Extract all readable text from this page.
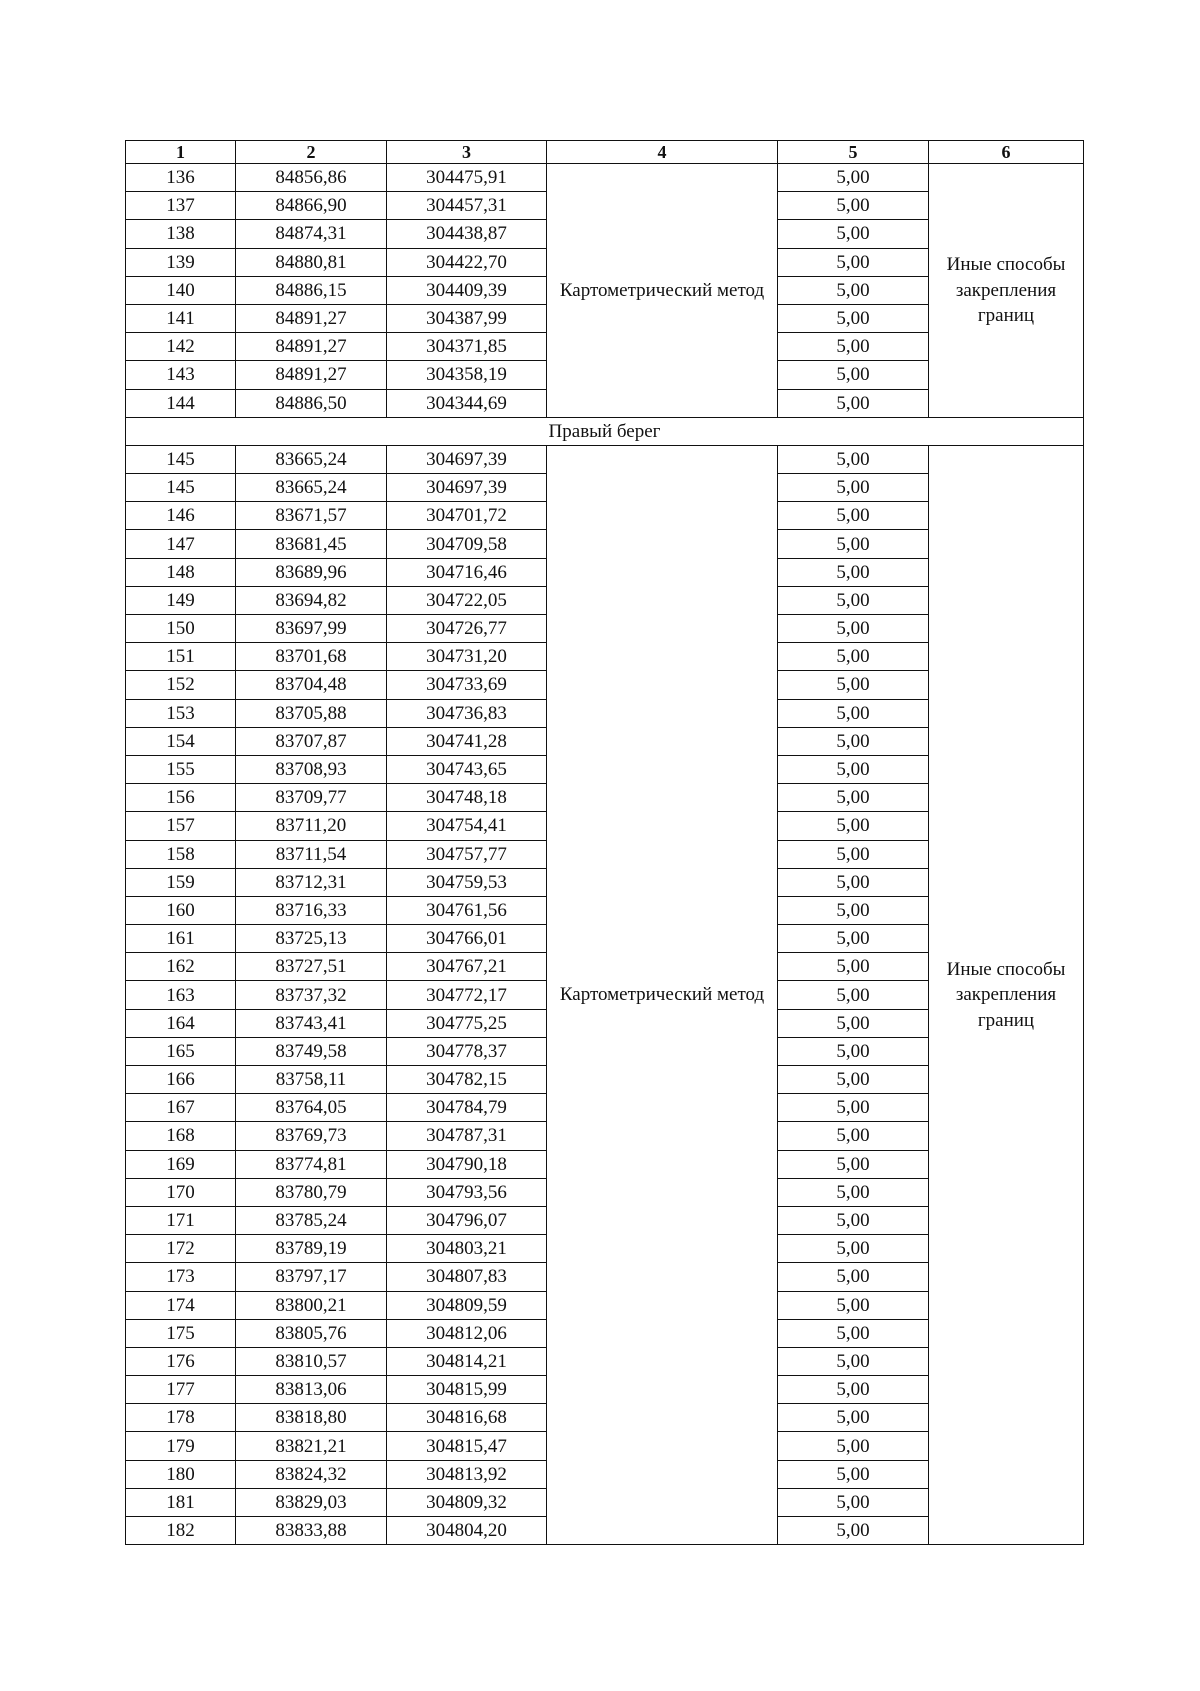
1	2	3	4	5	6
136	84856,86	304475,91	Картометрический метод	5,00	Иные способы закрепления границ
137	84866,90	304457,31		5,00	
138	84874,31	304438,87		5,00	
139	84880,81	304422,70		5,00	
140	84886,15	304409,39		5,00	
141	84891,27	304387,99		5,00	
142	84891,27	304371,85		5,00	
143	84891,27	304358,19		5,00	
144	84886,50	304344,69		5,00	
Правый берег					
145	83665,24	304697,39	Картометрический метод	5,00	Иные способы закрепления границ
145	83665,24	304697,39		5,00	
146	83671,57	304701,72		5,00	
147	83681,45	304709,58		5,00	
148	83689,96	304716,46		5,00	
149	83694,82	304722,05		5,00	
150	83697,99	304726,77		5,00	
151	83701,68	304731,20		5,00	
152	83704,48	304733,69		5,00	
153	83705,88	304736,83		5,00	
154	83707,87	304741,28		5,00	
155	83708,93	304743,65		5,00	
156	83709,77	304748,18		5,00	
157	83711,20	304754,41		5,00	
158	83711,54	304757,77		5,00	
159	83712,31	304759,53		5,00	
160	83716,33	304761,56		5,00	
161	83725,13	304766,01		5,00	
162	83727,51	304767,21		5,00	
163	83737,32	304772,17		5,00	
164	83743,41	304775,25		5,00	
165	83749,58	304778,37		5,00	
166	83758,11	304782,15		5,00	
167	83764,05	304784,79		5,00	
168	83769,73	304787,31		5,00	
169	83774,81	304790,18		5,00	
170	83780,79	304793,56		5,00	
171	83785,24	304796,07		5,00	
172	83789,19	304803,21		5,00	
173	83797,17	304807,83		5,00	
174	83800,21	304809,59		5,00	
175	83805,76	304812,06		5,00	
176	83810,57	304814,21		5,00	
177	83813,06	304815,99		5,00	
178	83818,80	304816,68		5,00	
179	83821,21	304815,47		5,00	
180	83824,32	304813,92		5,00	
181	83829,03	304809,32		5,00	
182	83833,88	304804,20		5,00	
